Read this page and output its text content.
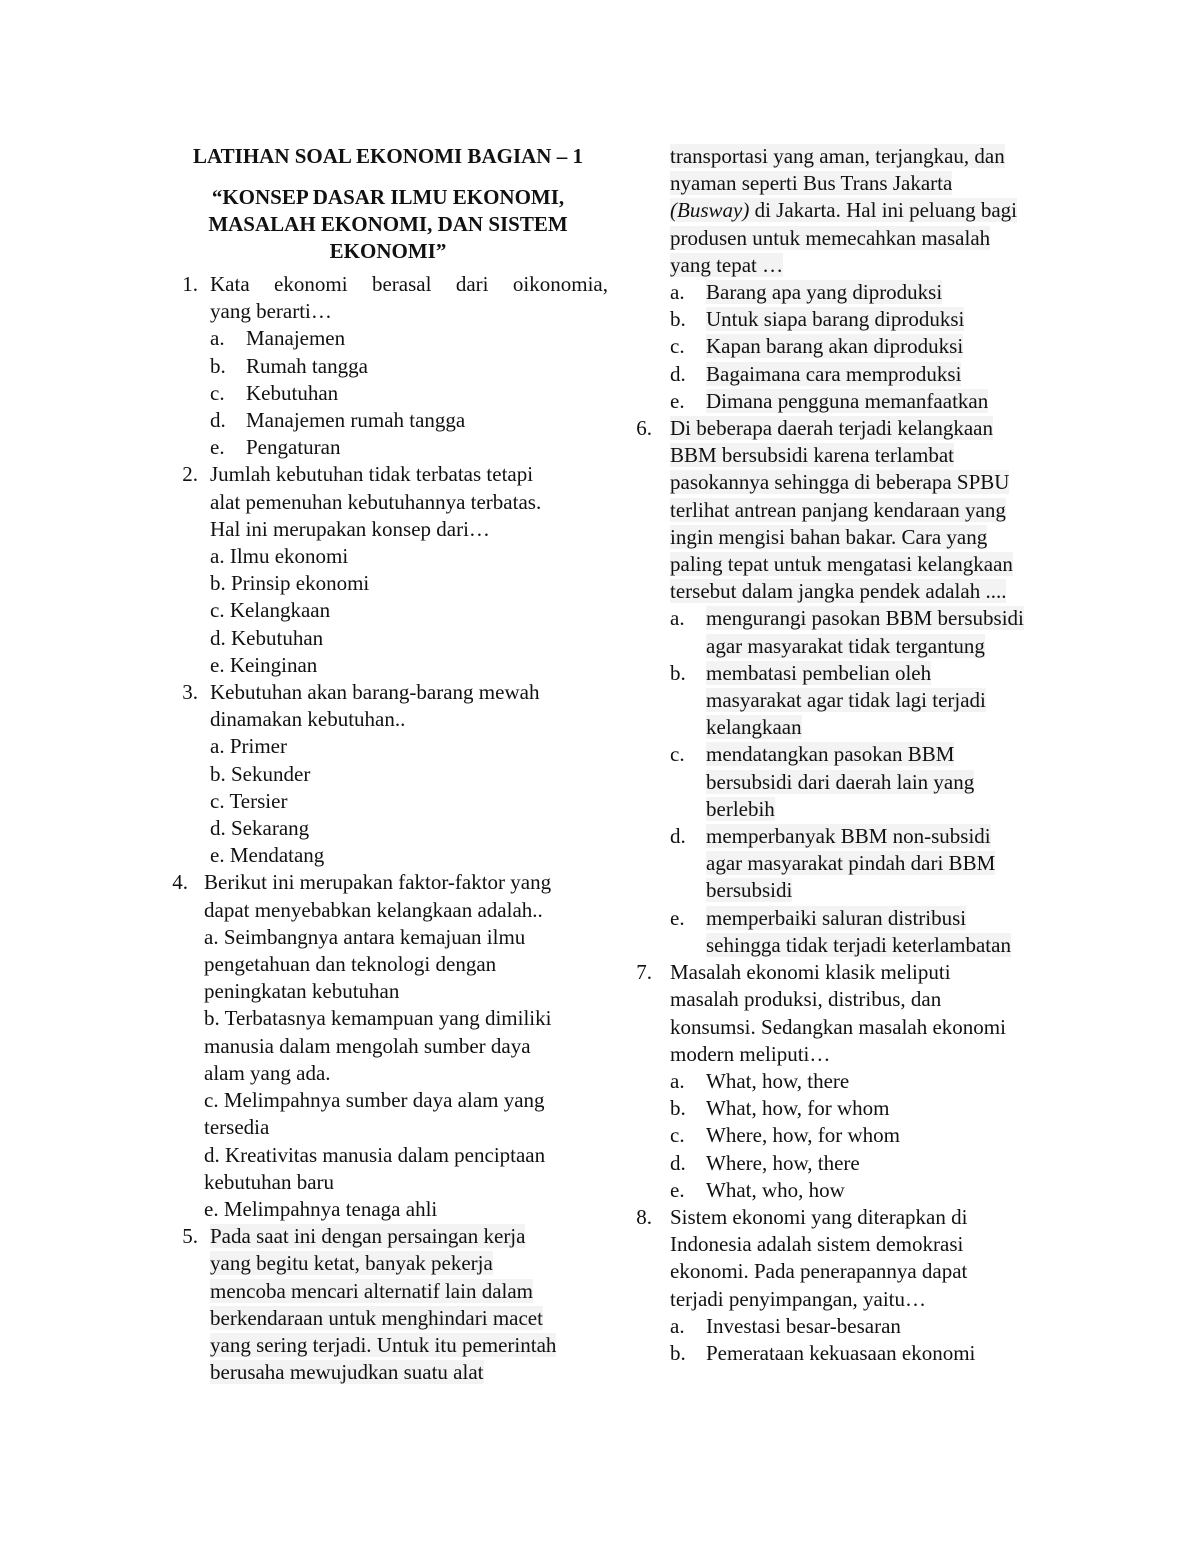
LATIHAN SOAL EKONOMI BAGIAN – 1

“KONSEP DASAR ILMU EKONOMI,
MASALAH EKONOMI, DAN SISTEM
EKONOMI”
1. Kata ekonomi berasal dari oikonomia,
yang berarti…
a. Manajemen
b. Rumah tangga
c. Kebutuhan
d. Manajemen rumah tangga
e. Pengaturan
2. Jumlah kebutuhan tidak terbatas tetapi
alat pemenuhan kebutuhannya terbatas.
Hal ini merupakan konsep dari…
a. Ilmu ekonomi
b. Prinsip ekonomi
c. Kelangkaan
d. Kebutuhan
e. Keinginan
3. Kebutuhan akan barang-barang mewah
dinamakan kebutuhan..
a. Primer
b. Sekunder
c. Tersier
d. Sekarang
e. Mendatang
4. Berikut ini merupakan faktor-faktor yang
dapat menyebabkan kelangkaan adalah..
a. Seimbangnya antara kemajuan ilmu
pengetahuan dan teknologi dengan
peningkatan kebutuhan
b. Terbatasnya kemampuan yang dimiliki
manusia dalam mengolah sumber daya
alam yang ada.
c. Melimpahnya sumber daya alam yang
tersedia
d. Kreativitas manusia dalam penciptaan
kebutuhan baru
e. Melimpahnya tenaga ahli
5. Pada saat ini dengan persaingan kerja
yang begitu ketat, banyak pekerja
mencoba mencari alternatif lain dalam
berkendaraan untuk menghindari macet
yang sering terjadi. Untuk itu pemerintah
berusaha mewujudkan suatu alat
transportasi yang aman, terjangkau, dan
nyaman seperti Bus Trans Jakarta
(Busway) di Jakarta. Hal ini peluang bagi
produsen untuk memecahkan masalah
yang tepat …
a. Barang apa yang diproduksi
b. Untuk siapa barang diproduksi
c. Kapan barang akan diproduksi
d. Bagaimana cara memproduksi
e. Dimana pengguna memanfaatkan
6. Di beberapa daerah terjadi kelangkaan
BBM bersubsidi karena terlambat
pasokannya sehingga di beberapa SPBU
terlihat antrean panjang kendaraan yang
ingin mengisi bahan bakar. Cara yang
paling tepat untuk mengatasi kelangkaan
tersebut dalam jangka pendek adalah ....
a. mengurangi pasokan BBM bersubsidi
agar masyarakat tidak tergantung
b. membatasi pembelian oleh
masyarakat agar tidak lagi terjadi
kelangkaan
c. mendatangkan pasokan BBM
bersubsidi dari daerah lain yang
berlebih
d. memperbanyak BBM non-subsidi
agar masyarakat pindah dari BBM
bersubsidi
e. memperbaiki saluran distribusi
sehingga tidak terjadi keterlambatan
7. Masalah ekonomi klasik meliputi
masalah produksi, distribus, dan
konsumsi. Sedangkan masalah ekonomi
modern meliputi…
a. What, how, there
b. What, how, for whom
c. Where, how, for whom
d. Where, how, there
e. What, who, how
8. Sistem ekonomi yang diterapkan di
Indonesia adalah sistem demokrasi
ekonomi. Pada penerapannya dapat
terjadi penyimpangan, yaitu…
a. Investasi besar-besaran
b. Pemerataan kekuasaan ekonomi
